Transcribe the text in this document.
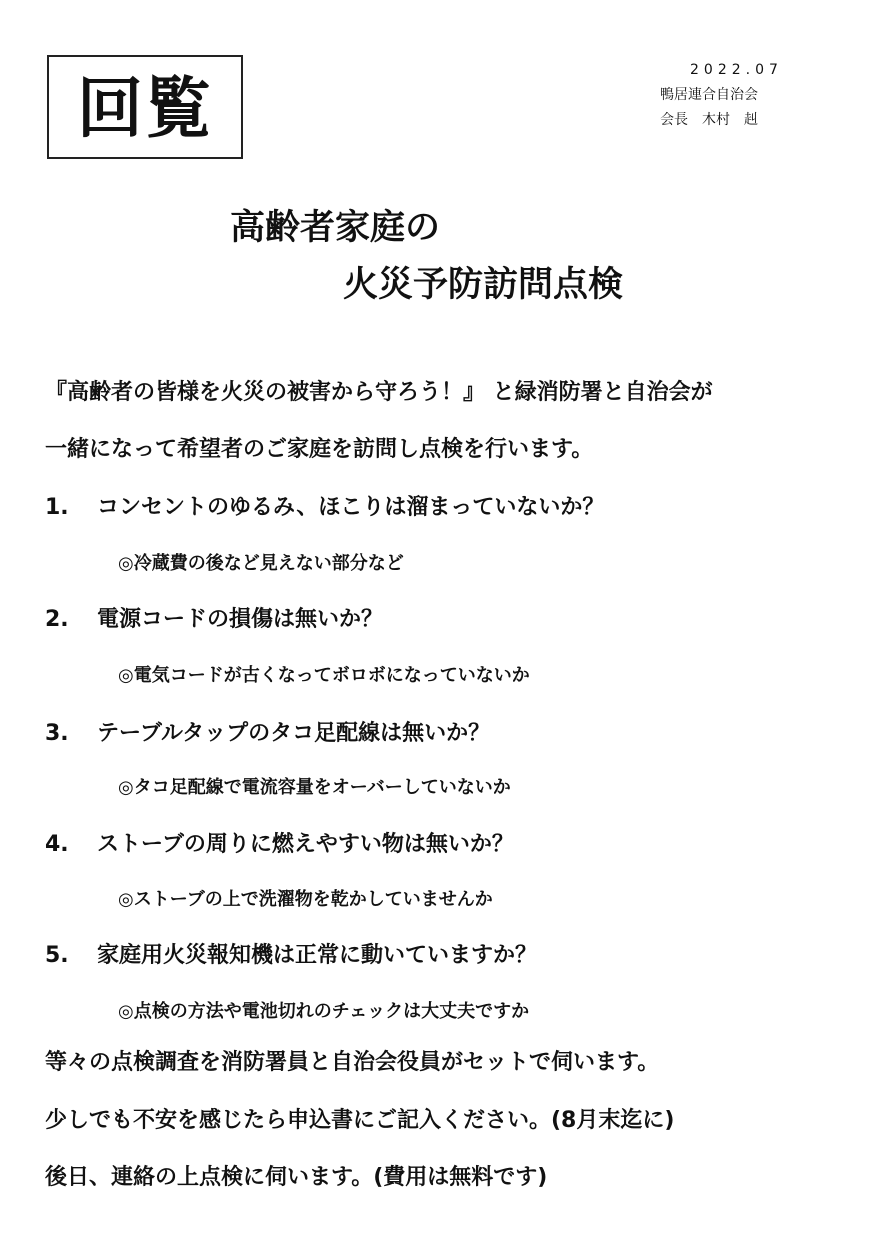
回覧	2022.07
鴨居連合自治会
会長　木村　赳
高齢者家庭の
火災予防訪問点検
『高齢者の皆様を火災の被害から守ろう！』 と緑消防署と自治会が
一緒になって希望者のご家庭を訪問し点検を行います。
1. コンセントのゆるみ、ほこりは溜まっていないか？
◎冷蔵費の後など見えない部分など
2. 電源コードの損傷は無いか？
◎電気コードが古くなってボロボになっていないか
3. テーブルタップのタコ足配線は無いか？
◎タコ足配線で電流容量をオーバーしていないか
4. ストーブの周りに燃えやすい物は無いか？
◎ストーブの上で洗濯物を乾かしていませんか
5. 家庭用火災報知機は正常に動いていますか？
◎点検の方法や電池切れのチェックは大丈夫ですか
等々の点検調査を消防署員と自治会役員がセットで伺います。
少しでも不安を感じたら申込書にご記入ください。(8月末迄に)
後日、連絡の上点検に伺います。(費用は無料です)
